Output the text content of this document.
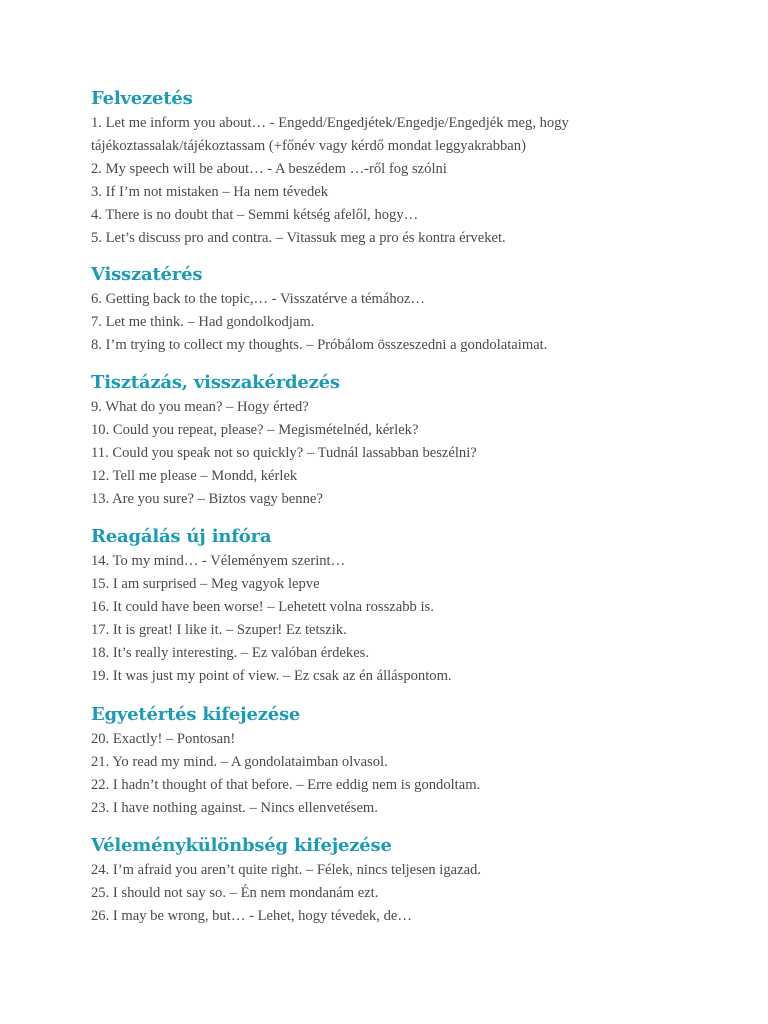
Felvezetés

1. Let me inform you about… - Engedd/Engedjétek/Engedje/Engedjék meg, hogy

tájékoztassalak/tájékoztassam (+főnév vagy kérdő mondat leggyakrabban)

2. My speech will be about… - A beszédem …-ről fog szólni

3. If I’m not mistaken – Ha nem tévedek

4. There is no doubt that – Semmi kétség afelől, hogy…

5. Let’s discuss pro and contra. – Vitassuk meg a pro és kontra érveket.

Visszatérés

6. Getting back to the topic,… - Visszatérve a témához…

7. Let me think. – Had gondolkodjam.

8. I’m trying to collect my thoughts. – Próbálom összeszedni a gondolataimat.

Tisztázás, visszakérdezés

9. What do you mean? – Hogy érted?

10. Could you repeat, please? – Megismételnéd, kérlek?

11. Could you speak not so quickly? – Tudnál lassabban beszélni?

12. Tell me please – Mondd, kérlek

13. Are you sure? – Biztos vagy benne?

Reagálás új infóra

14. To my mind… - Véleményem szerint…

15. I am surprised – Meg vagyok lepve

16. It could have been worse! – Lehetett volna rosszabb is.

17. It is great! I like it. – Szuper! Ez tetszik.

18. It’s really interesting. – Ez valóban érdekes.

19. It was just my point of view. – Ez csak az én álláspontom.

Egyetértés kifejezése

20. Exactly! – Pontosan!

21. Yo read my mind. – A gondolataimban olvasol.

22. I hadn’t thought of that before. – Erre eddig nem is gondoltam.

23. I have nothing against. – Nincs ellenvetésem.

Véleménykülönbség kifejezése

24. I’m afraid you aren’t quite right. – Félek, nincs teljesen igazad.

25. I should not say so. – Én nem mondanám ezt.

26. I may be wrong, but… - Lehet, hogy tévedek, de…
